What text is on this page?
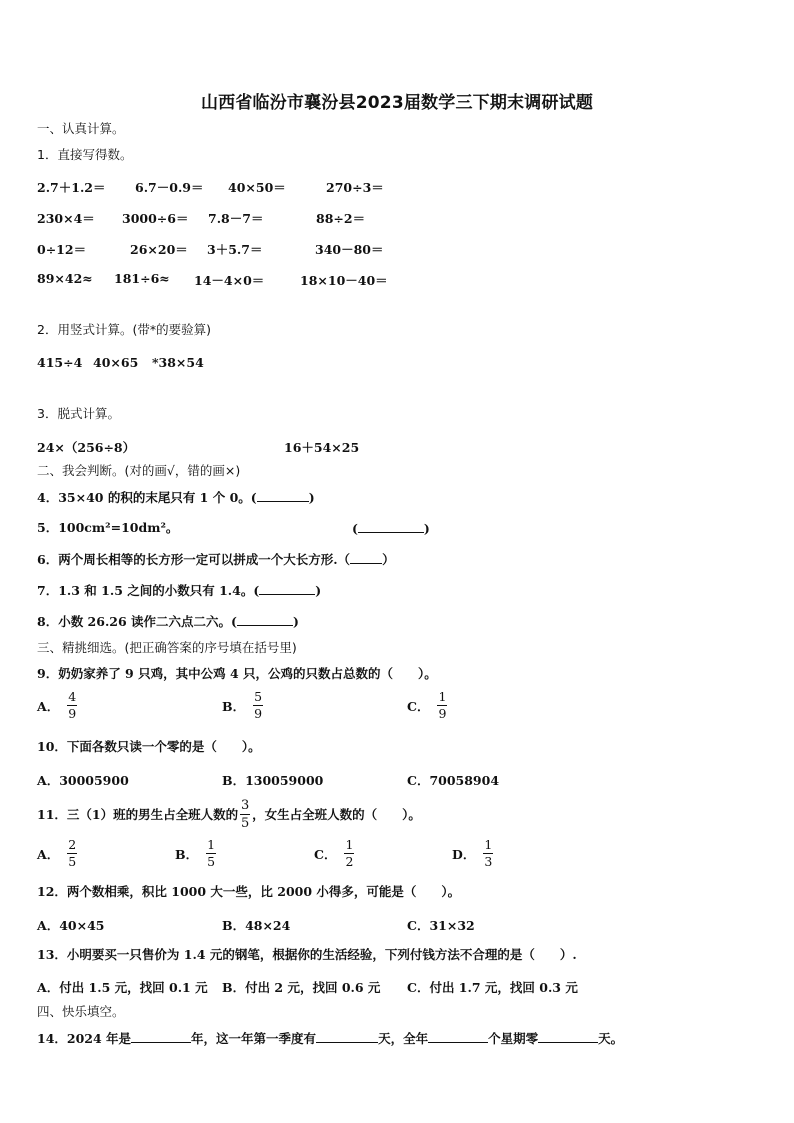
山西省临汾市襄汾县2023届数学三下期末调研试题
一、认真计算。
1．直接写得数。
2.7＋1.2＝ 6.7－0.9＝ 40×50＝	270÷3＝
230×4＝ 3000÷6＝ 7.8－7＝	88÷2＝
0÷12＝	26×20＝ 3＋5.7＝	340－80＝
89×42≈ 181÷6≈ 14－4×0＝	18×10－40＝
2．用竖式计算。(带*的要验算)
415÷4 40×65 *38×54
3．脱式计算。
24×（256÷8）	16＋54×25
二、我会判断。(对的画√，错的画×)
4．35×40 的积的末尾只有 1 个 0。(	)
5．100cm²=10dm²。	(	)
6．两个周长相等的长方形一定可以拼成一个大长方形.（	）
7．1.3 和 1.5 之间的小数只有 1.4。(	)
8．小数 26.26 读作二六点二六。(	)
三、精挑细选。(把正确答案的序号填在括号里)
9．奶奶家养了 9 只鸡，其中公鸡 4 只，公鸡的只数占总数的（　　）。
A． $\frac{4}{9}$	B． $\frac{5}{9}$	C． $\frac{1}{9}$
10．下面各数只读一个零的是（　　）。
A．30005900	B．130059000	C．70058904
11．三（1）班的男生占全班人数的 $\frac{3}{5}$ ，女生占全班人数的（　　）。
A． $\frac{2}{5}$	B． $\frac{1}{5}$	C． $\frac{1}{2}$	D． $\frac{1}{3}$
12．两个数相乘，积比 1000 大一些，比 2000 小得多，可能是（　　）。
A．40×45	B．48×24	C．31×32
13．小明要买一只售价为 1.4 元的钢笔，根据你的生活经验，下列付钱方法不合理的是（　　）.
A．付出 1.5 元，找回 0.1 元 B．付出 2 元，找回 0.6 元 C．付出 1.7 元，找回 0.3 元
四、快乐填空。
14．2024 年是	年，这一年第一季度有	天，全年	个星期零	天。
